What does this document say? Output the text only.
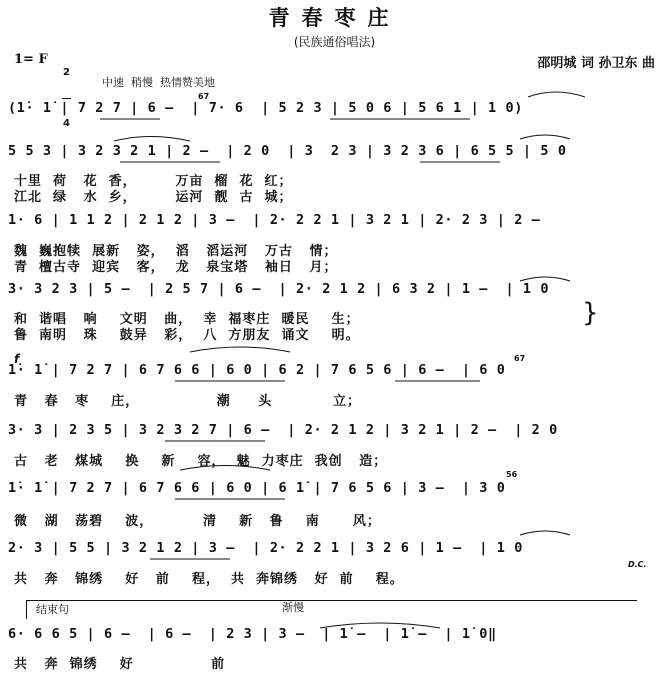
青春枣庄
(民族通俗唱法)
1= F

2

4

邵明城 词 孙卫东 曲
中速  稍慢  热情赞美地
67
67
56
f
D.C.
(1̇· 1̇ | 7 2 7 | 6 —  | 7· 6  | 5 2 3 | 5 0 6 | 5 6 1 | 1 0)
5 5 3 | 3 2 3 2 1 | 2 —  | 2 0  | 3  2 3 | 3 2 3 6 | 6 5 5 | 5 0
十里  荷   花  香，       万亩  榴  花  红；
江北  绿   水  乡，       运河  靓  古  城；
1· 6 | 1 1 2 | 2 1 2 | 3 —  | 2· 2 2 1 | 3 2 1 | 2· 2 3 | 2 —
魏  巍抱犊  展新   姿，  滔   滔运河   万古   情；
青  檀古寺  迎宾   客，  龙   泉宝塔   袖日   月；
3· 3 2 3 | 5 —  | 2 5 7 | 6 —  | 2· 2 1 2 | 6 3 2 | 1 —  | 1 0
和  谐唱   响    文明   曲，  幸  福枣庄  暖民    生；
鲁  南明   珠    鼓异   彩，  八  方朋友  诵文    明。
}
1̇· 1̇ | 7 2 7 | 6 7 6 6 | 6 0 | 6 2 | 7 6 5 6 | 6 —  | 6 0
青   春   枣    庄，              潮     头           立；
3· 3 | 2 3 5 | 3 2 3 2 7 | 6 —  | 2· 2 1 2 | 3 2 1 | 2 —  | 2 0
古   老   煤城    换    新    容，  魅  力枣庄  我创   造；
1̇· 1̇ | 7 2 7 | 6 7 6 6 | 6 0 | 6 1̇ | 7 6 5 6 | 3 —  | 3 0
微   湖   荡碧    波，         清    新   鲁    南      风；
2· 3 | 5 5 | 3 2 1 2 | 3 —  | 2· 2 2 1 | 3 2 6 | 1 —  | 1 0
共   奔   锦绣    好   前    程，  共  奔锦绣   好  前    程。
结束句	渐慢
6· 6 6 5 | 6 —  | 6 —  | 2 3 | 3 —  | 1̇ —  | 1̇ —  | 1̇ 0‖
共   奔  锦绣    好              前
